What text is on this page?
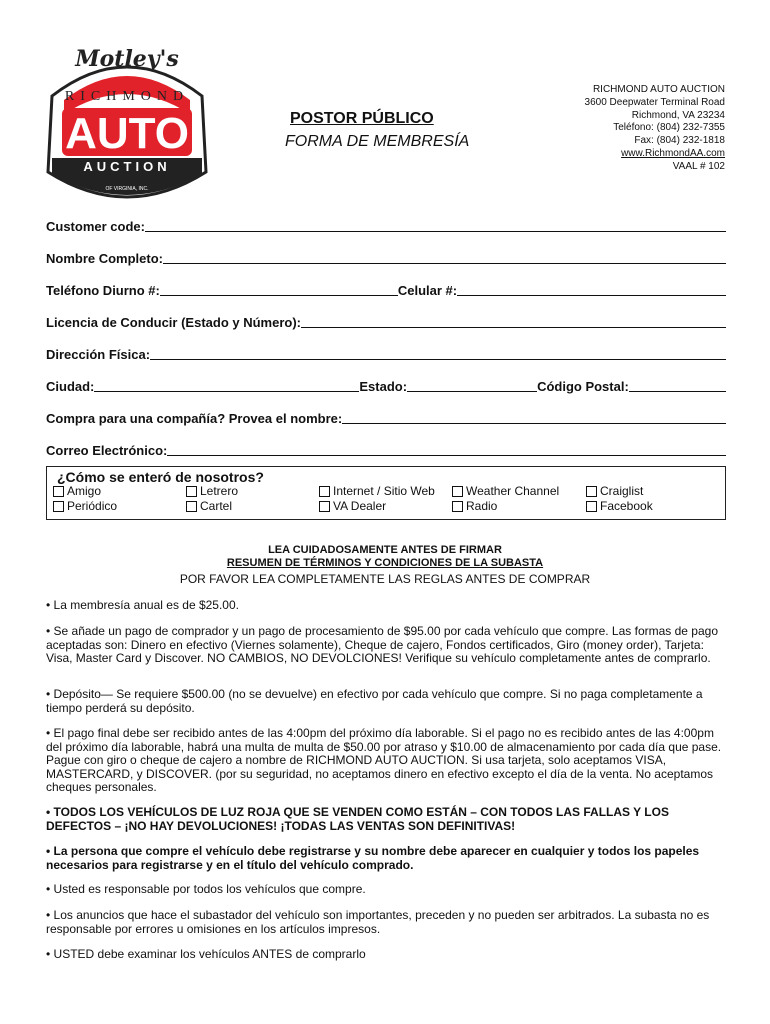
Motley's
RICHMOND
AUTO
AUCTION
OF VIRGINIA, INC.
POSTOR PÚBLICO
FORMA DE MEMBRESÍA
RICHMOND AUTO AUCTION
3600 Deepwater Terminal Road
Richmond, VA 23234
Teléfono: (804) 232-7355
Fax: (804) 232-1818
www.RichmondAA.com
VAAL # 102
Customer code:
Nombre Completo:
Teléfono Diurno #:	Celular #:
Licencia de Conducir (Estado y Número):
Dirección Física:
Ciudad:	Estado:	Código Postal:
Compra para una compañía? Provea el nombre:
Correo Electrónico:
¿Cómo se enteró de nosotros?
Amigo	Letrero	Internet / Sitio Web	Weather Channel	Craiglist
Periódico	Cartel	VA Dealer	Radio	Facebook
LEA CUIDADOSAMENTE ANTES DE FIRMAR
RESUMEN DE TÉRMINOS Y CONDICIONES DE LA SUBASTA
POR FAVOR LEA COMPLETAMENTE LAS REGLAS ANTES DE COMPRAR
• La membresía anual es de $25.00.
• Se añade un pago de comprador y un pago de procesamiento de $95.00 por cada vehículo que compre. Las formas de pago aceptadas son: Dinero en efectivo (Viernes solamente), Cheque de cajero, Fondos certificados, Giro (money order), Tarjeta: Visa, Master Card y Discover. NO CAMBIOS, NO DEVOLCIONES! Verifique su vehículo completamente antes de comprarlo.
• Depósito— Se requiere $500.00 (no se devuelve) en efectivo por cada vehículo que compre. Si no paga completamente a tiempo perderá su depósito.
• El pago final debe ser recibido antes de las 4:00pm del próximo día laborable. Si el pago no es recibido antes de las 4:00pm del próximo día laborable, habrá una multa de multa de $50.00 por atraso y $10.00 de almacenamiento por cada día que pase. Pague con giro o cheque de cajero a nombre de RICHMOND AUTO AUCTION. Si usa tarjeta, solo aceptamos VISA, MASTERCARD, y DISCOVER. (por su seguridad, no aceptamos dinero en efectivo excepto el día de la venta. No aceptamos cheques personales.
• TODOS LOS VEHÍCULOS DE LUZ ROJA QUE SE VENDEN COMO ESTÁN – CON TODOS LAS FALLAS Y LOS DEFECTOS – ¡NO HAY DEVOLUCIONES! ¡TODAS LAS VENTAS SON DEFINITIVAS!
• La persona que compre el vehículo debe registrarse y su nombre debe aparecer en cualquier y todos los papeles necesarios para registrarse y en el título del vehículo comprado.
• Usted es responsable por todos los vehículos que compre.
• Los anuncios que hace el subastador del vehículo son importantes, preceden y no pueden ser arbitrados. La subasta no es responsable por errores u omisiones en los artículos impresos.
• USTED debe examinar los vehículos ANTES de comprarlo
